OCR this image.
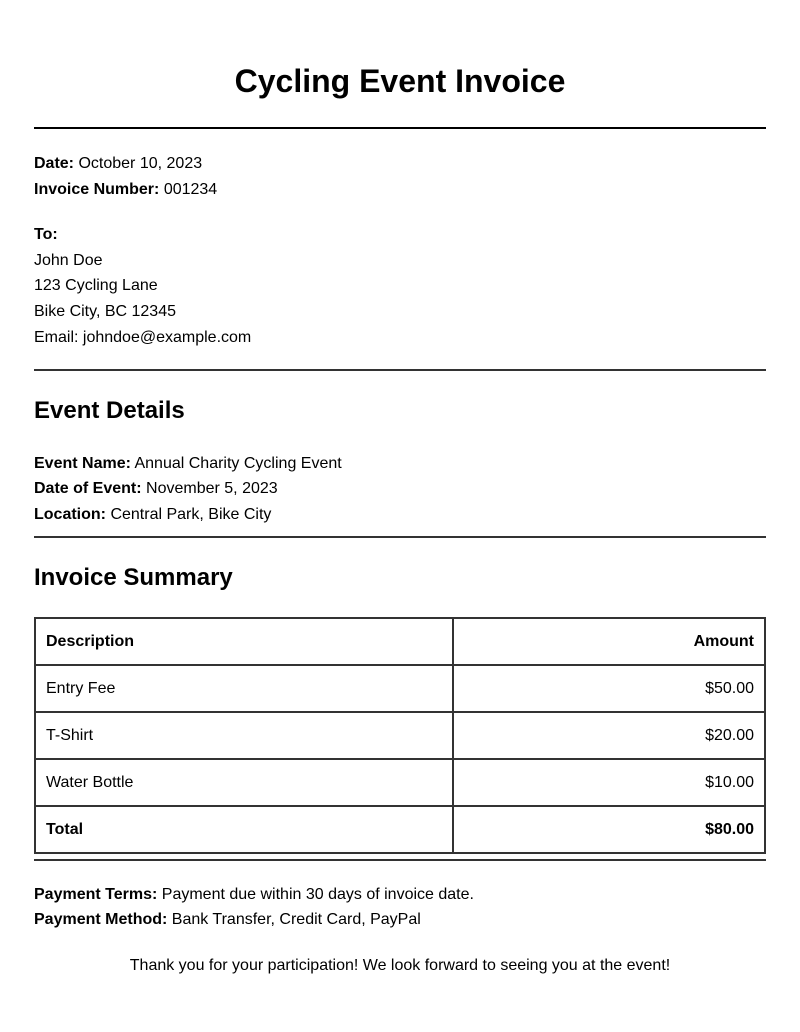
Cycling Event Invoice
Date: October 10, 2023
Invoice Number: 001234
To:
John Doe
123 Cycling Lane
Bike City, BC 12345
Email: johndoe@example.com
Event Details
Event Name: Annual Charity Cycling Event
Date of Event: November 5, 2023
Location: Central Park, Bike City
Invoice Summary
Description	Amount
Entry Fee	$50.00
T-Shirt	$20.00
Water Bottle	$10.00
Total	$80.00
Payment Terms: Payment due within 30 days of invoice date.
Payment Method: Bank Transfer, Credit Card, PayPal
Thank you for your participation! We look forward to seeing you at the event!
